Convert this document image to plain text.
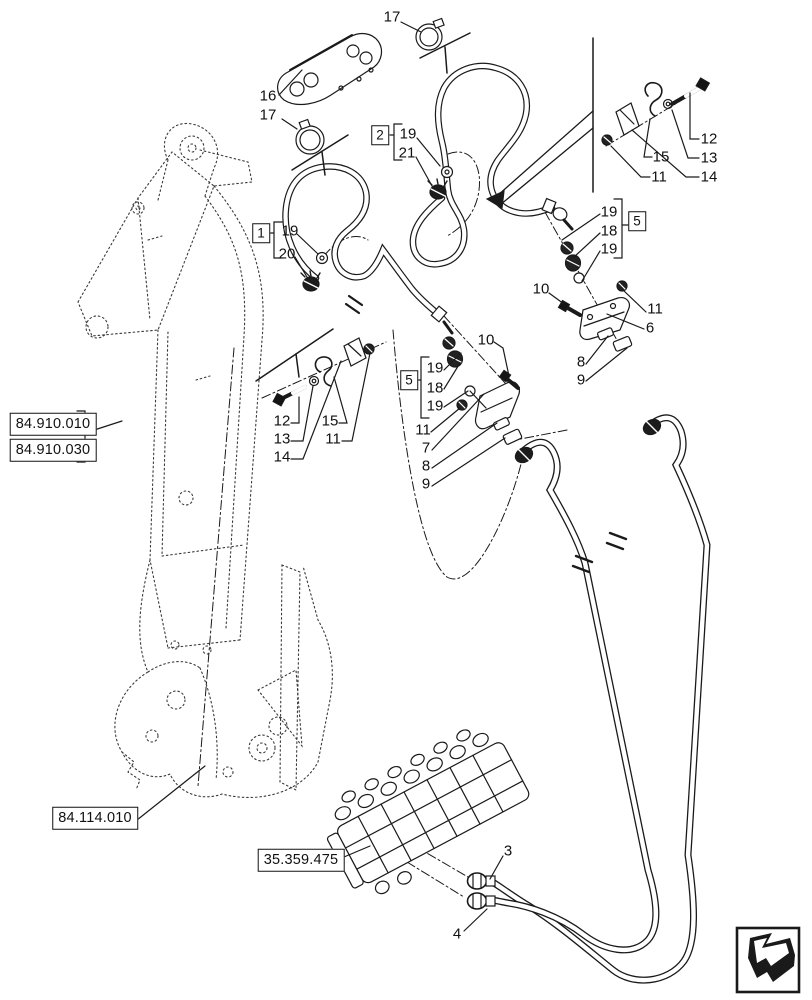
16
17
17
19
21
19
20
12
13
14
15
11
19
18
19
10
11
6
8
9
10
19
18
19
11
7
8
9
12
13
14
15
11
3
4
2
1
5
5
84.910.010
84.910.030
84.114.010
35.359.475
